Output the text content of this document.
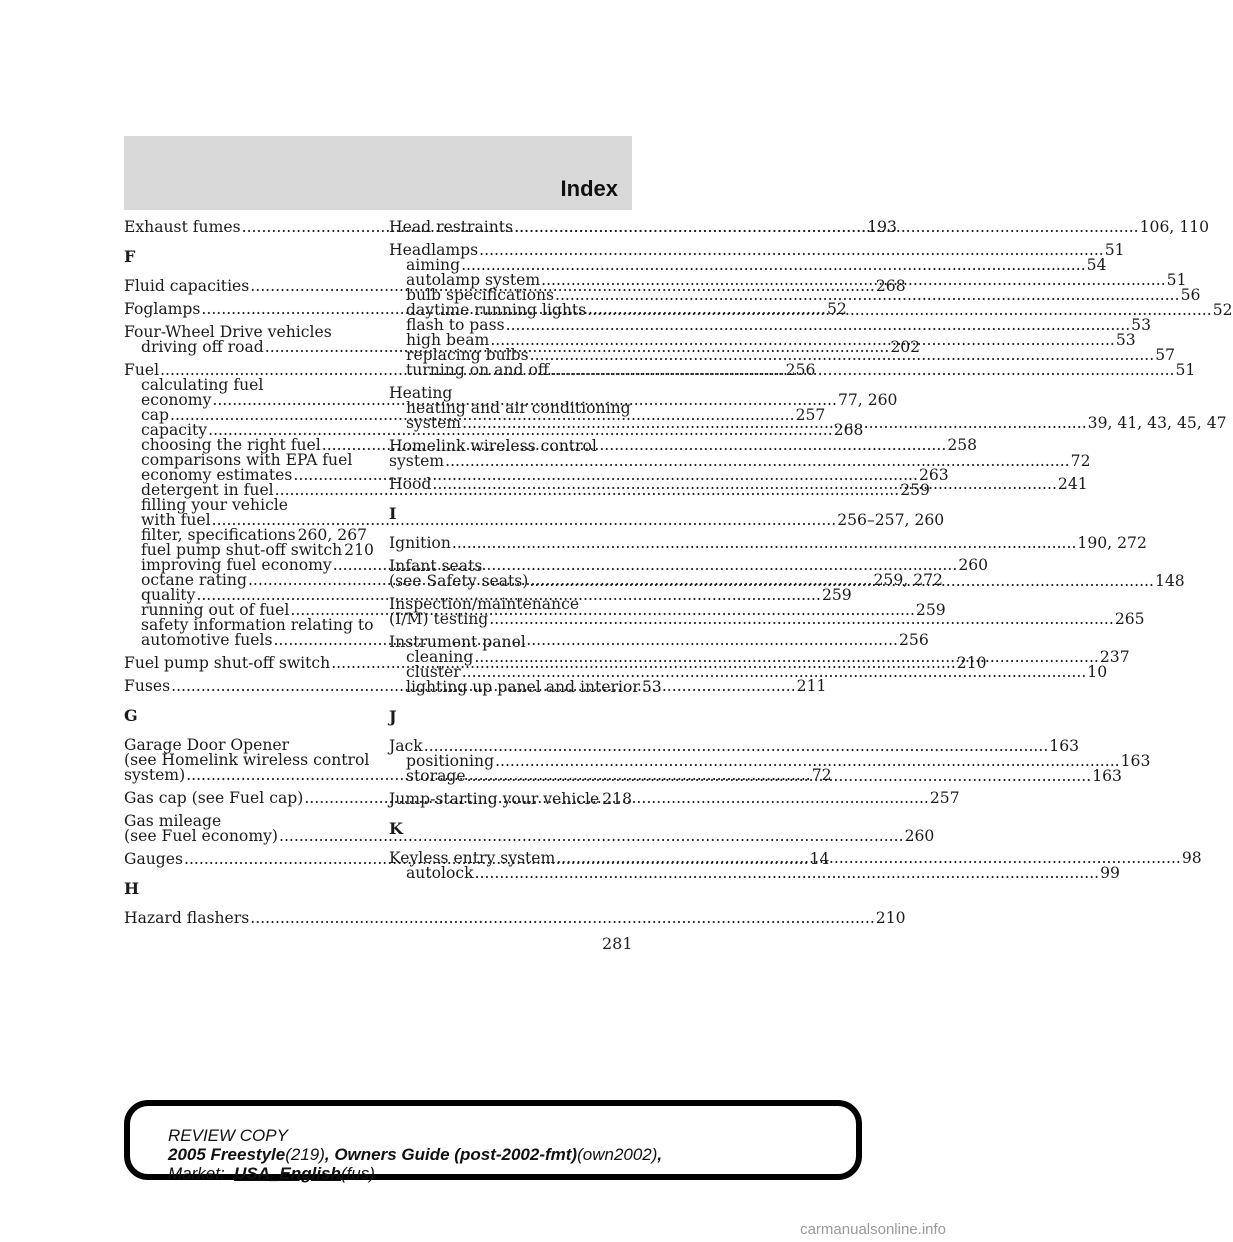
Index
Exhaust fumes .....	193
F
Fluid capacities .....	268
Foglamps .....	52
Four-Wheel Drive vehicles
driving off road .....	202
Fuel .....	256
calculating fuel
economy .....	77, 260
cap .....	257
capacity .....	268
choosing the right fuel .....	258
comparisons with EPA fuel
economy estimates .....	263
detergent in fuel .....	259
filling your vehicle
with fuel .....	256–257, 260
filter, specifications 260, 267
fuel pump shut-off switch 210
improving fuel economy .....	260
octane rating .....	259, 272
quality .....	259
running out of fuel .....	259
safety information relating to
automotive fuels .....	256
Fuel pump shut-off switch .....	210
Fuses .....	211
G
Garage Door Opener
(see Homelink wireless control
system) .....	72
Gas cap (see Fuel cap) .....	257
Gas mileage
(see Fuel economy) .....	260
Gauges .....	14
H
Hazard flashers .....	210
Head restraints .....	106, 110
Headlamps .....	51
aiming .....	54
autolamp system .....	51
bulb specifications .....	56
daytime running lights .....	52
flash to pass .....	53
high beam .....	53
replacing bulbs .....	57
turning on and off .....	51
Heating
heating and air conditioning
system .....	39, 41, 43, 45, 47
Homelink wireless control
system .....	72
Hood .....	241
I
Ignition .....	190, 272
Infant seats
(see Safety seats) .....	148
Inspection/maintenance
(I/M) testing .....	265
Instrument panel
cleaning .....	237
cluster .....	10
lighting up panel and interior 53
J
Jack .....	163
positioning .....	163
storage .....	163
Jump-starting your vehicle ..... 218
K
Keyless entry system .....	98
autolock .....	99
281
REVIEW COPY
2005 Freestyle(219), Owners Guide (post-2002-fmt)(own2002),
Market: USA_English(fus)
carmanualsonline.info
